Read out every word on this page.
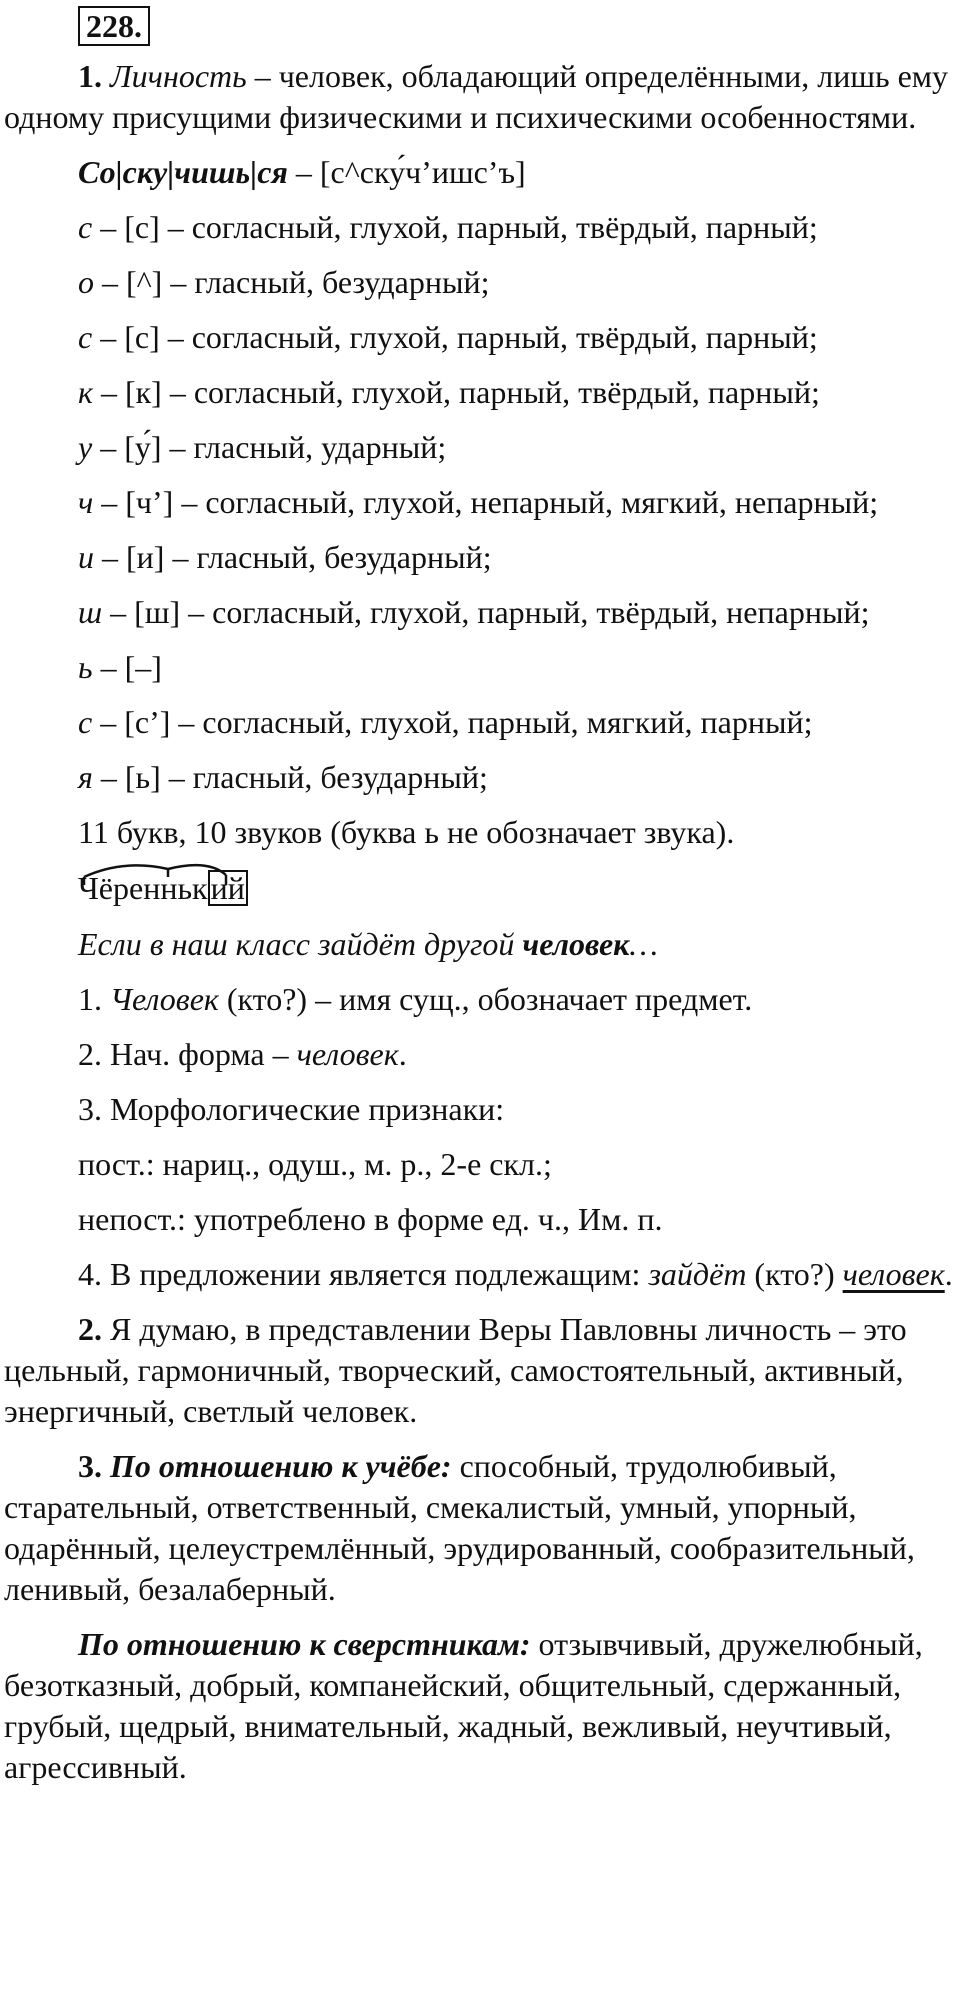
228.

1. Личность – человек, обладающий определёнными, лишь ему одному присущими физическими и психическими особенностями.

Со|ску|чишь|ся – [с^ску́ч’ишс’ъ]

с – [с] – согласный, глухой, парный, твёрдый, парный;

о – [^] – гласный, безударный;

с – [с] – согласный, глухой, парный, твёрдый, парный;

к – [к] – согласный, глухой, парный, твёрдый, парный;

у – [у́] – гласный, ударный;

ч – [ч’] – согласный, глухой, непарный, мягкий, непарный;

и – [и] – гласный, безударный;

ш – [ш] – согласный, глухой, парный, твёрдый, непарный;

ь – [–]

с – [с’] – согласный, глухой, парный, мягкий, парный;

я – [ь] – гласный, безударный;

11 букв, 10 звуков (буква ь не обозначает звука).

Чёреннький

Если в наш класс зайдёт другой человек…

1. Человек (кто?) – имя сущ., обозначает предмет.

2. Нач. форма – человек.

3. Морфологические признаки:

пост.: нариц., одуш., м. р., 2-е скл.;

непост.: употреблено в форме ед. ч., Им. п.

4. В предложении является подлежащим: зайдёт (кто?) человек.

2. Я думаю, в представлении Веры Павловны личность – это цельный, гармоничный, творческий, самостоятельный, активный, энергичный, светлый человек.

3. По отношению к учёбе: способный, трудолюбивый, старательный, ответственный, смекалистый, умный, упорный, одарённый, целеустремлённый, эрудированный, сообразительный, ленивый, безалаберный.

По отношению к сверстникам: отзывчивый, дружелюбный, безотказный, добрый, компанейский, общительный, сдержанный, грубый, щедрый, внимательный, жадный, вежливый, неучтивый, агрессивный.
